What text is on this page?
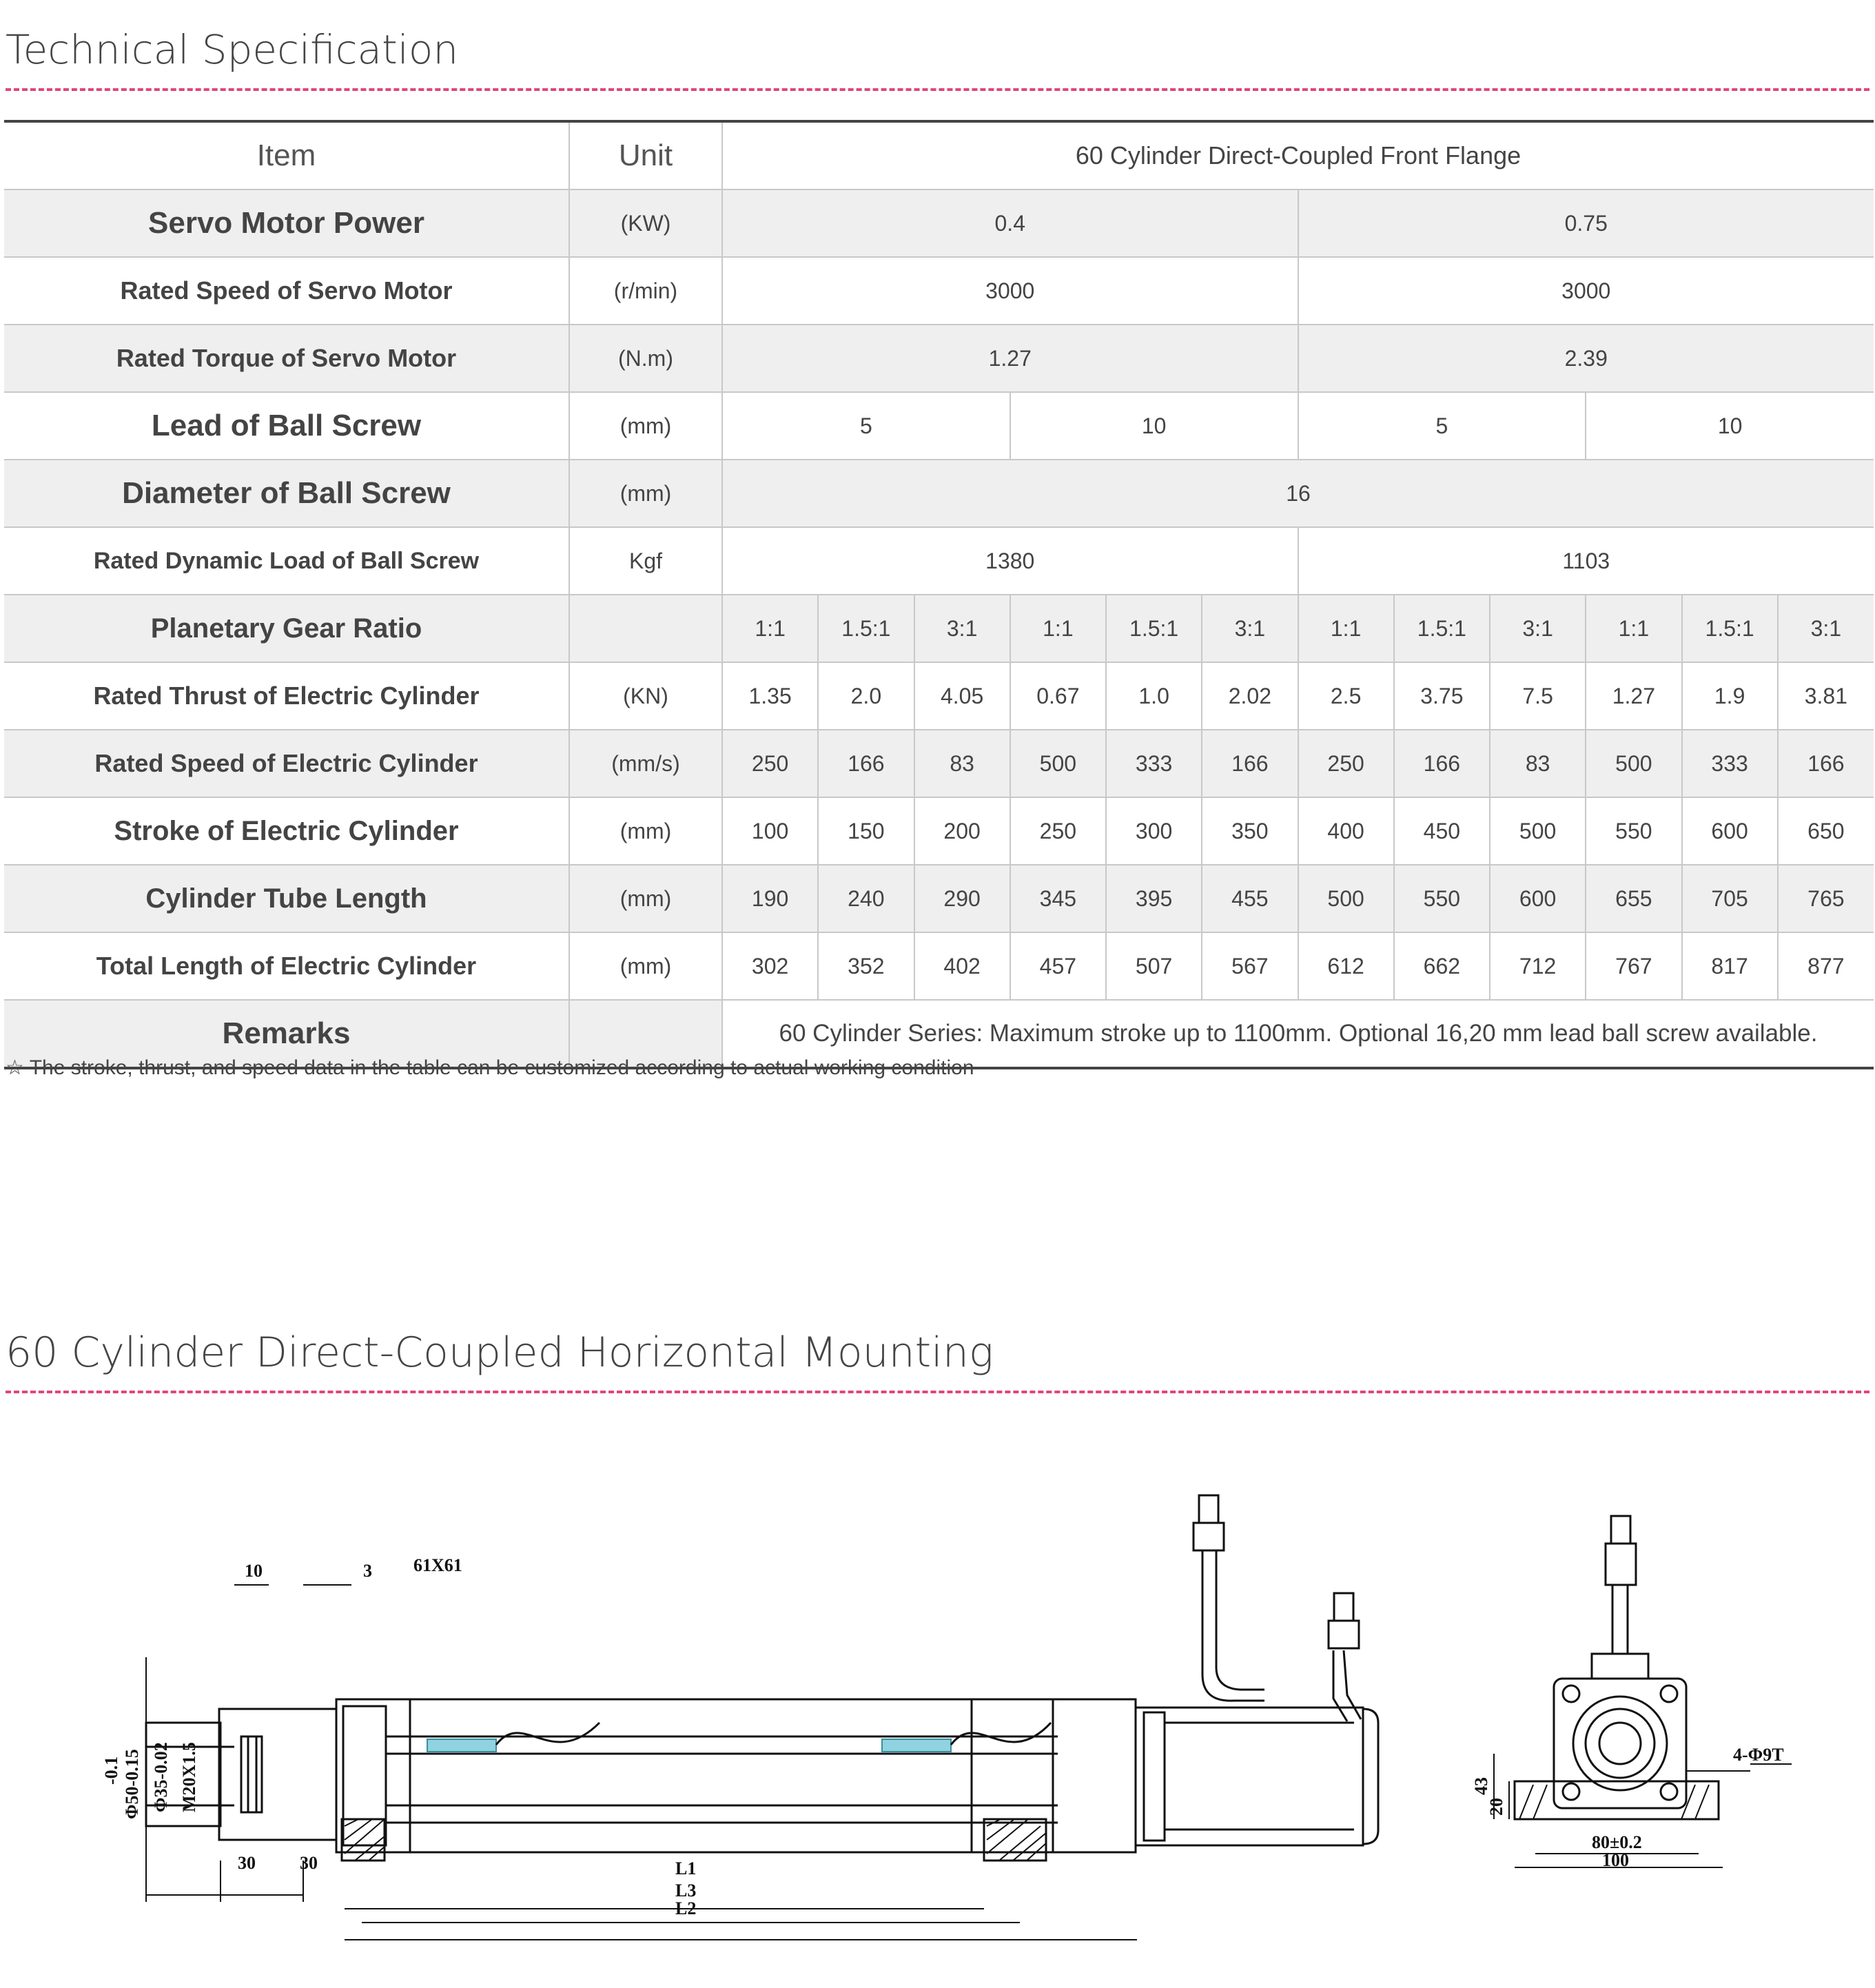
Technical Specification
Item	Unit	60 Cylinder Direct-Coupled Front Flange											
Servo Motor Power	(KW)	0.4						0.75					
Rated Speed of Servo Motor	(r/min)	3000						3000					
Rated Torque of Servo Motor	(N.m)	1.27						2.39					
Lead of Ball Screw	(mm)	5			10			5			10		
Diameter of Ball Screw	(mm)	16											
Rated Dynamic Load of Ball Screw	Kgf	1380						1103					
Planetary Gear Ratio		1:1	1.5:1	3:1	1:1	1.5:1	3:1	1:1	1.5:1	3:1	1:1	1.5:1	3:1
Rated Thrust of Electric Cylinder	(KN)	1.35	2.0	4.05	0.67	1.0	2.02	2.5	3.75	7.5	1.27	1.9	3.81
Rated Speed of Electric Cylinder	(mm/s)	250	166	83	500	333	166	250	166	83	500	333	166
Stroke of Electric Cylinder	(mm)	100	150	200	250	300	350	400	450	500	550	600	650
Cylinder Tube Length	(mm)	190	240	290	345	395	455	500	550	600	655	705	765
Total Length of Electric Cylinder	(mm)	302	352	402	457	507	567	612	662	712	767	817	877
Remarks		60 Cylinder Series: Maximum stroke up to 1100mm. Optional 16,20 mm lead ball screw available.											
☆ The stroke, thrust, and speed data in the table can be customized according to actual working condition
60 Cylinder Direct-Coupled Horizontal Mounting
10	3 61X61
-0.1 Φ50-0.15 Φ35-0.02 M20X1.5
30 30	L1
L3
L2
43
20
80±0.2
100
4-Φ9T
